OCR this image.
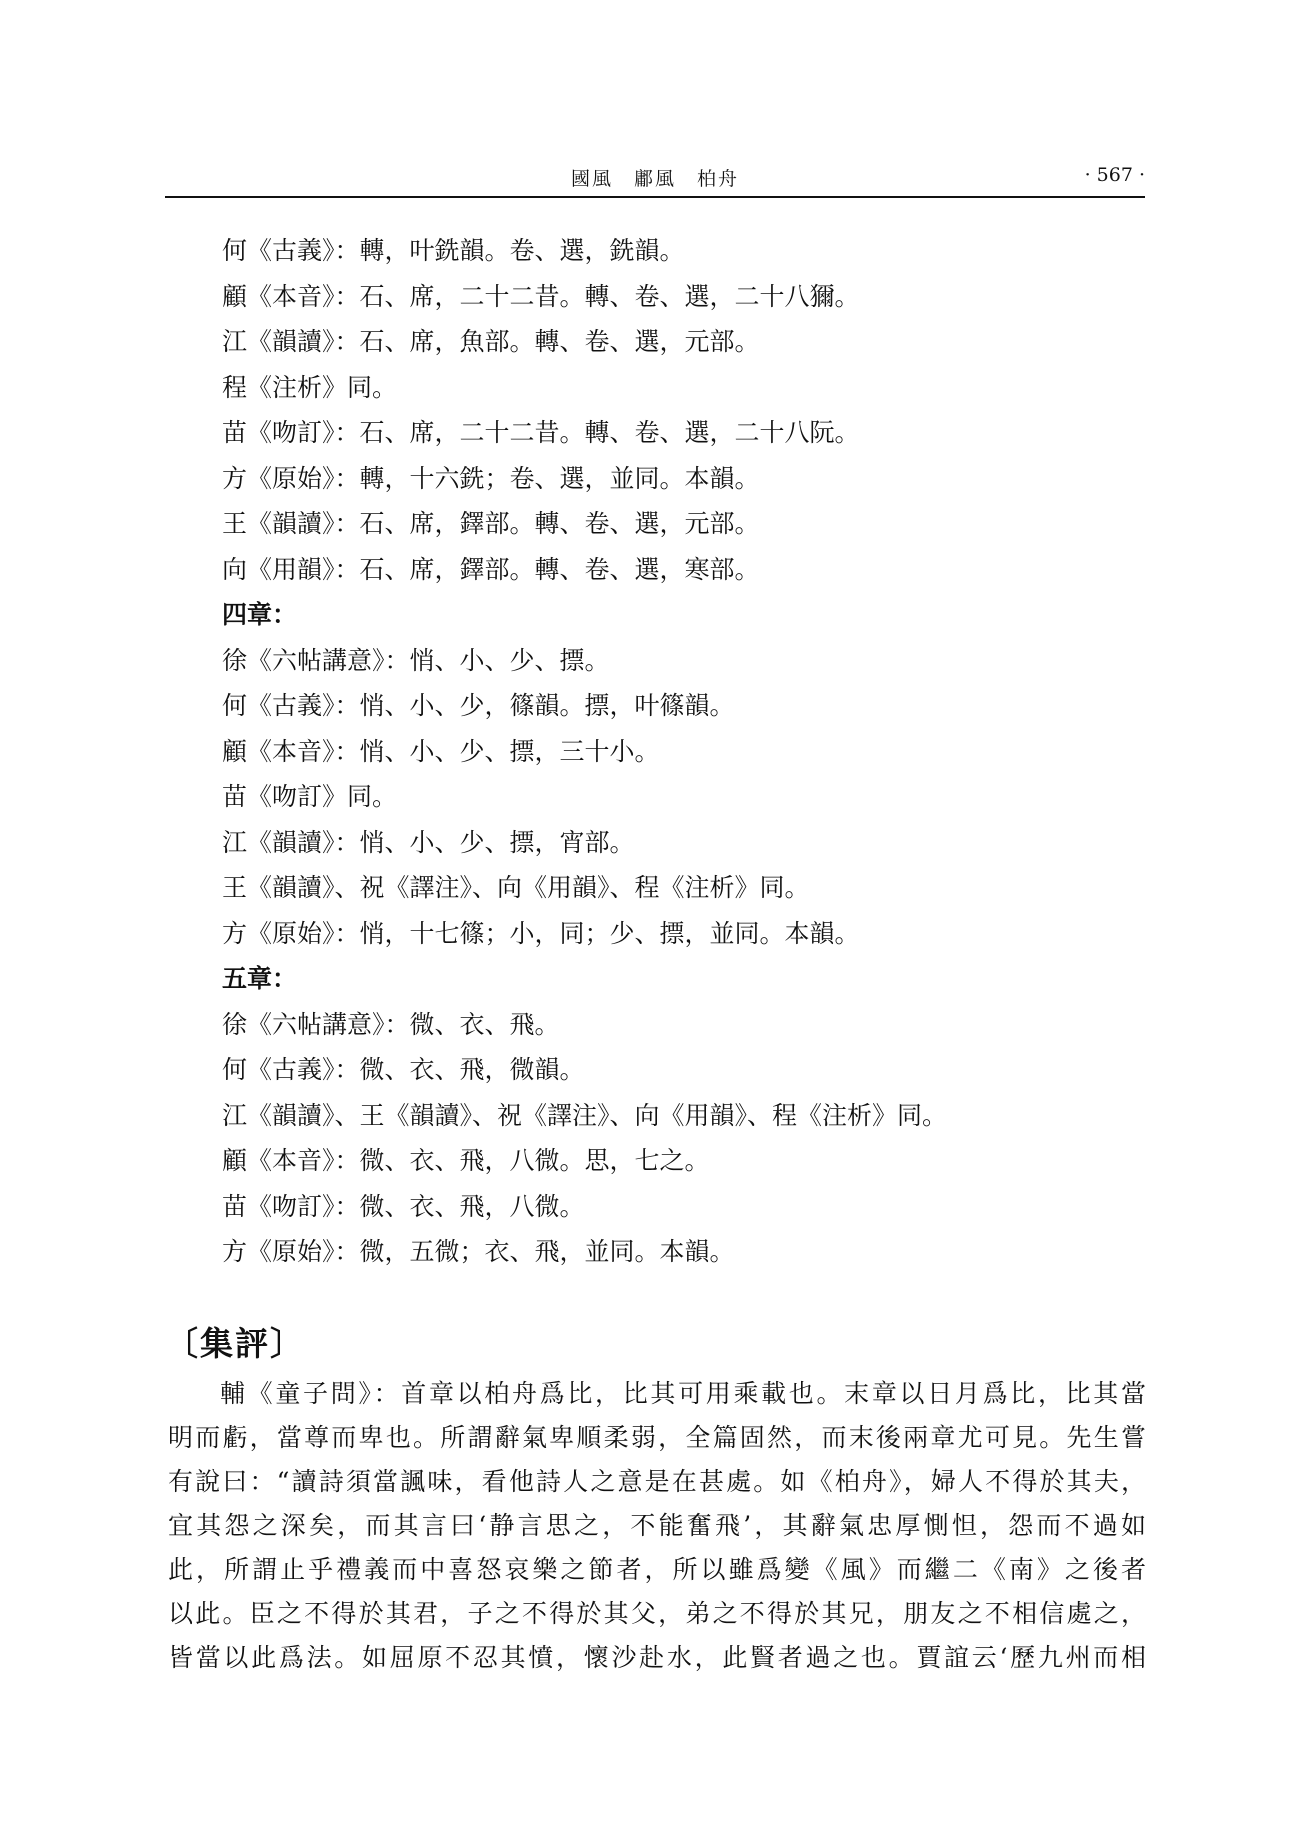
國風　鄘風　柏舟	· 567 ·
何《古義》：轉，叶銑韻。卷、選，銑韻。
顧《本音》：石、席，二十二昔。轉、卷、選，二十八獮。
江《韻讀》：石、席，魚部。轉、卷、選，元部。
程《注析》同。
苗《吻訂》：石、席，二十二昔。轉、卷、選，二十八阮。
方《原始》：轉，十六銑；卷、選，並同。本韻。
王《韻讀》：石、席，鐸部。轉、卷、選，元部。
向《用韻》：石、席，鐸部。轉、卷、選，寒部。
四章：
徐《六帖講意》：悄、小、少、摽。
何《古義》：悄、小、少，篠韻。摽，叶篠韻。
顧《本音》：悄、小、少、摽，三十小。
苗《吻訂》同。
江《韻讀》：悄、小、少、摽，宵部。
王《韻讀》、祝《譯注》、向《用韻》、程《注析》同。
方《原始》：悄，十七篠；小，同；少、摽，並同。本韻。
五章：
徐《六帖講意》：微、衣、飛。
何《古義》：微、衣、飛，微韻。
江《韻讀》、王《韻讀》、祝《譯注》、向《用韻》、程《注析》同。
顧《本音》：微、衣、飛，八微。思，七之。
苗《吻訂》：微、衣、飛，八微。
方《原始》：微，五微；衣、飛，並同。本韻。
〔集評〕
輔《童子問》：首章以柏舟爲比，比其可用乘載也。末章以日月爲比，比其當
明而虧，當尊而卑也。所謂辭氣卑順柔弱，全篇固然，而末後兩章尤可見。先生嘗
有說曰：“讀詩須當諷味，看他詩人之意是在甚處。如《柏舟》，婦人不得於其夫，
宜其怨之深矣，而其言曰‘静言思之，不能奮飛’，其辭氣忠厚惻怛，怨而不過如
此，所謂止乎禮義而中喜怒哀樂之節者，所以雖爲變《風》而繼二《南》之後者
以此。臣之不得於其君，子之不得於其父，弟之不得於其兄，朋友之不相信處之，
皆當以此爲法。如屈原不忍其憤，懷沙赴水，此賢者過之也。賈誼云‘歷九州而相
